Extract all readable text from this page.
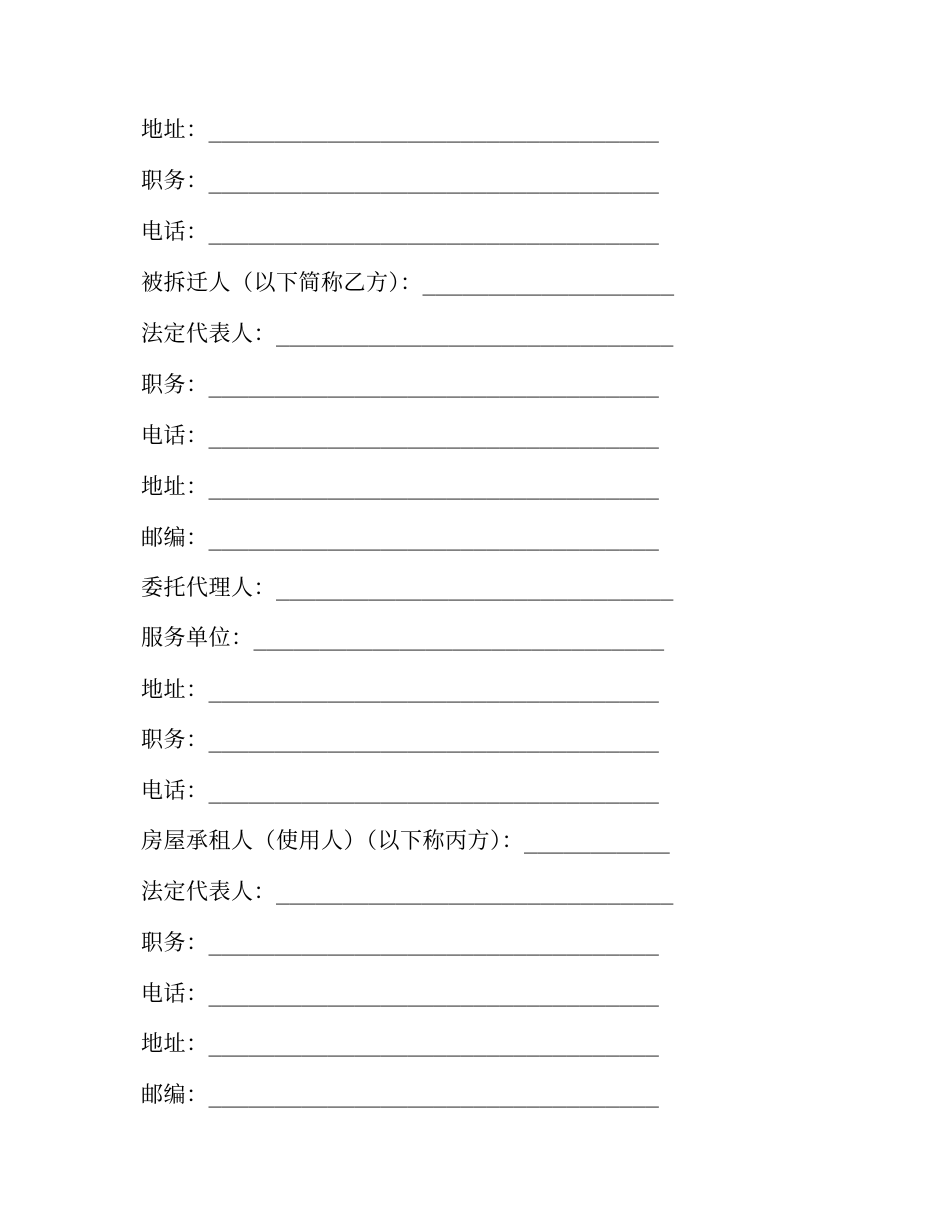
地址： __________________________________
职务： __________________________________
电话： __________________________________
被拆迁人（以下简称乙方）： ___________________
法定代表人： ______________________________
职务： __________________________________
电话： __________________________________
地址： __________________________________
邮编： __________________________________
委托代理人： ______________________________
服务单位： _______________________________
地址： __________________________________
职务： __________________________________
电话： __________________________________
房屋承租人（使用人）（以下称丙方）： ___________
法定代表人： ______________________________
职务： __________________________________
电话： __________________________________
地址： __________________________________
邮编： __________________________________
